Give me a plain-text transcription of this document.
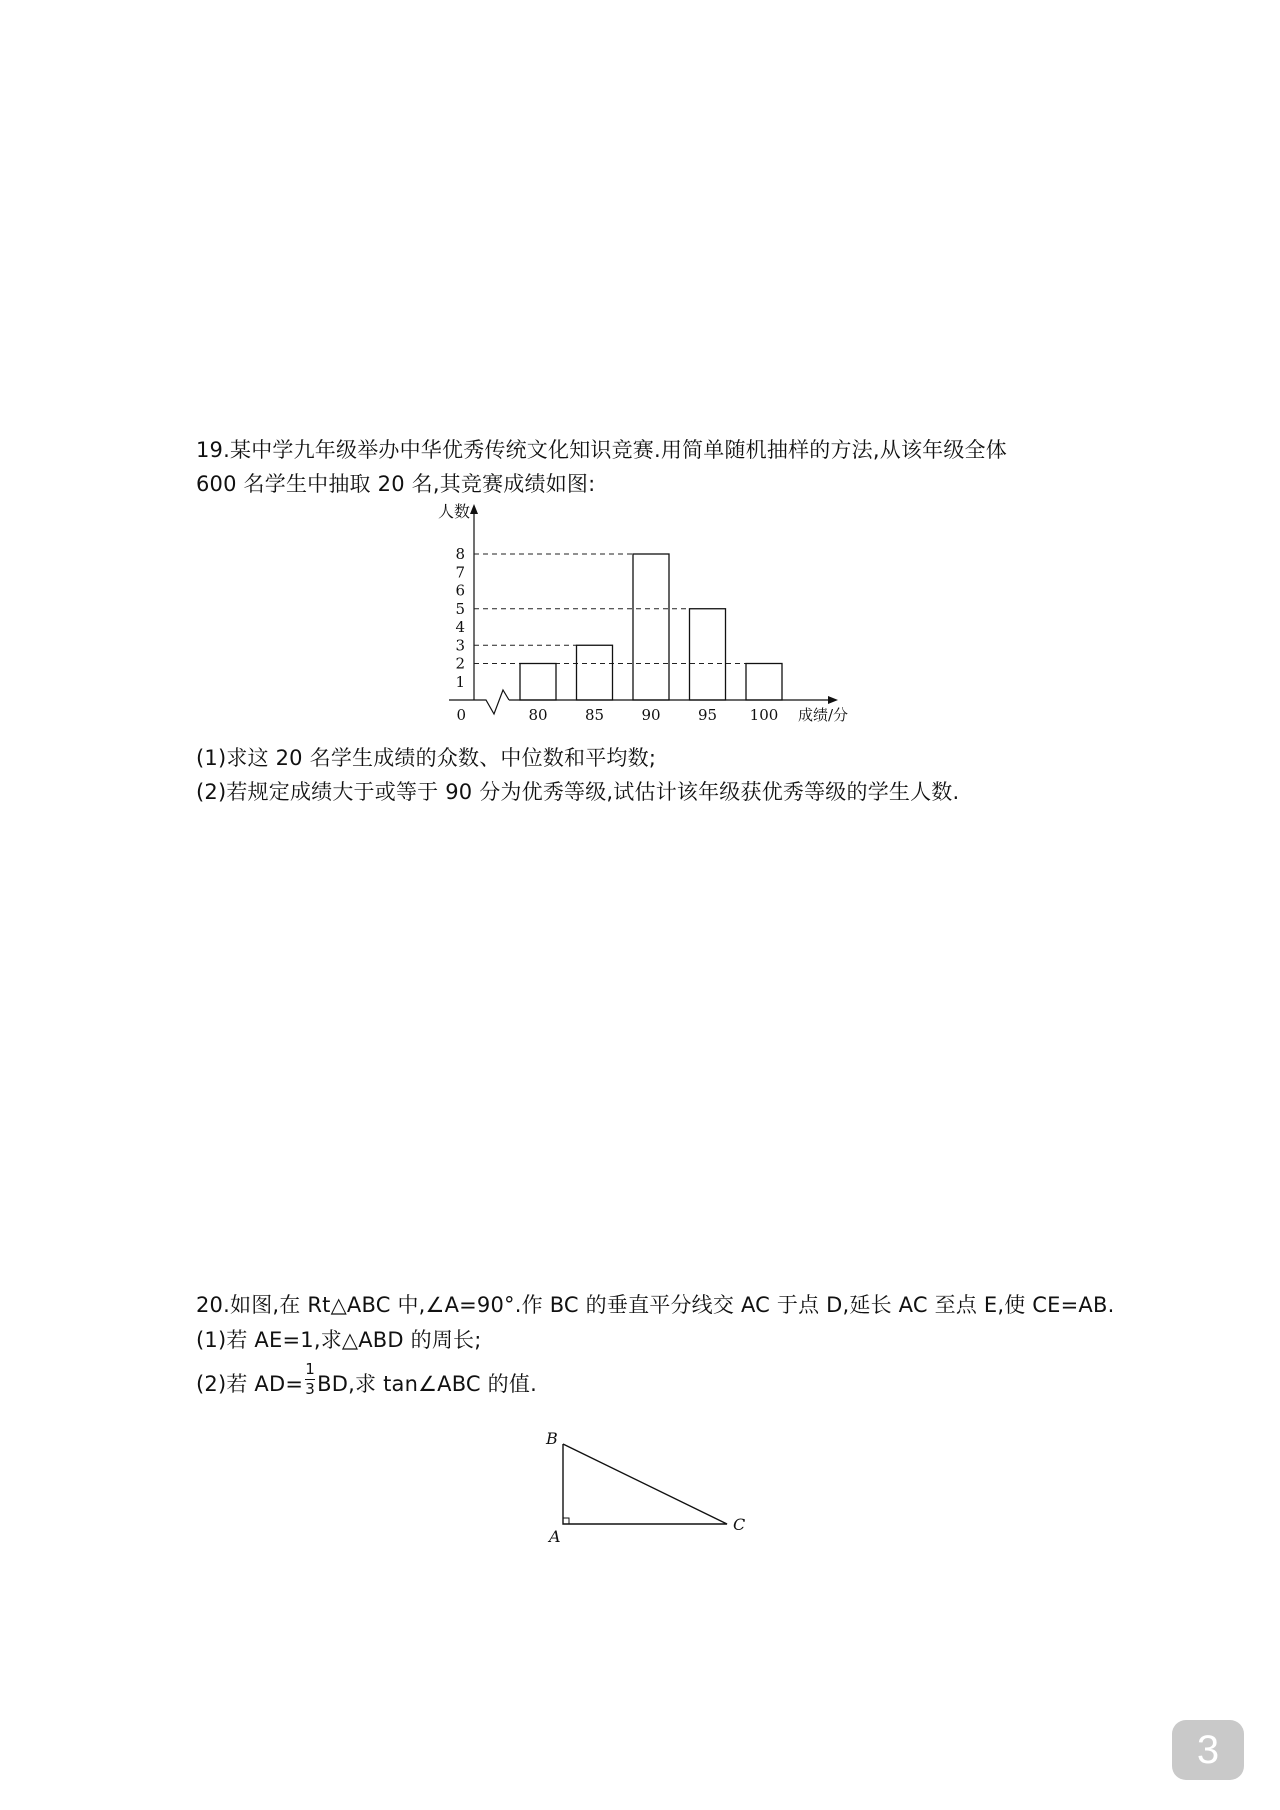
19.某中学九年级举办中华优秀传统文化知识竞赛.用简单随机抽样的方法,从该年级全体
600 名学生中抽取 20 名,其竞赛成绩如图:
1
2
3
4
5
6
7
8
80 85 90 95 100
0
人数
成绩/分
(1)求这 20 名学生成绩的众数、中位数和平均数;
(2)若规定成绩大于或等于 90 分为优秀等级,试估计该年级获优秀等级的学生人数.
20.如图,在 Rt△ABC 中,∠A=90°.作 BC 的垂直平分线交 AC 于点 D,延长 AC 至点 E,使 CE=AB.
(1)若 AE=1,求△ABD 的周长;
(2)若 $AD= \frac{1}{3}$ BD,求 tan∠ABC 的值.
B
A
C
3
